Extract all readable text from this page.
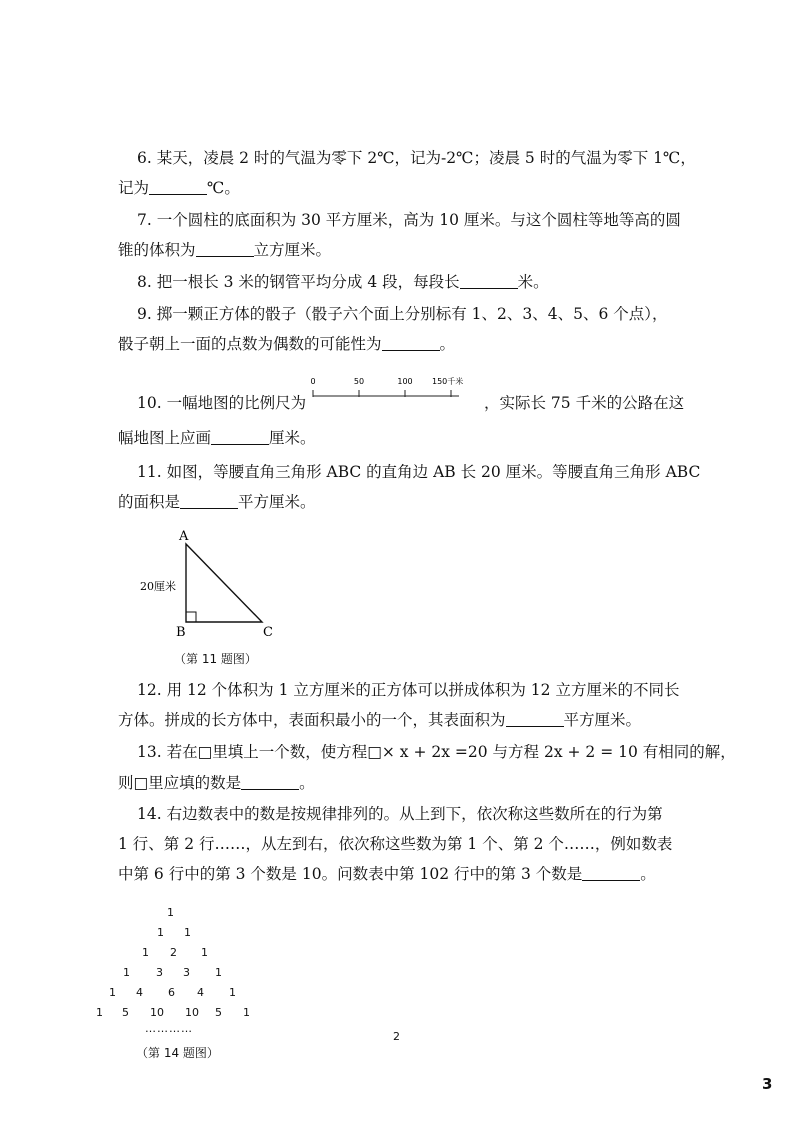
6. 某天，凌晨 2 时的气温为零下 2℃，记为-2℃；凌晨 5 时的气温为零下 1℃，
记为	℃。
7. 一个圆柱的底面积为 30 平方厘米，高为 10 厘米。与这个圆柱等地等高的圆
锥的体积为	立方厘米。
8. 把一根长 3 米的钢管平均分成 4 段，每段长	米。
9. 掷一颗正方体的骰子（骰子六个面上分别标有 1、2、3、4、5、6 个点），
骰子朝上一面的点数为偶数的可能性为	。
10. 一幅地图的比例尺为
0	50	100 150千米
，实际长 75 千米的公路在这
幅地图上应画	厘米。
11. 如图，等腰直角三角形 ABC 的直角边 AB 长 20 厘米。等腰直角三角形 ABC
的面积是	平方厘米。
A
B	C
20厘米
（第 11 题图）
12. 用 12 个体积为 1 立方厘米的正方体可以拼成体积为 12 立方厘米的不同长
方体。拼成的长方体中，表面积最小的一个，其表面积为	平方厘米。
13. 若在□里填上一个数，使方程□× x + 2x =20 与方程 2x + 2 = 10 有相同的解，
则□里应填的数是	。
14. 右边数表中的数是按规律排列的。从上到下，依次称这些数所在的行为第
1 行、第 2 行……，从左到右，依次称这些数为第 1 个、第 2 个……，例如数表
中第 6 行中的第 3 个数是 10。问数表中第 102 行中的第 3 个数是	。
1
1 1
1 2 1
1 3 3 1
1 4 6 4 1
1 5 10 10 5 1
…………
（第 14 题图）
2
3
